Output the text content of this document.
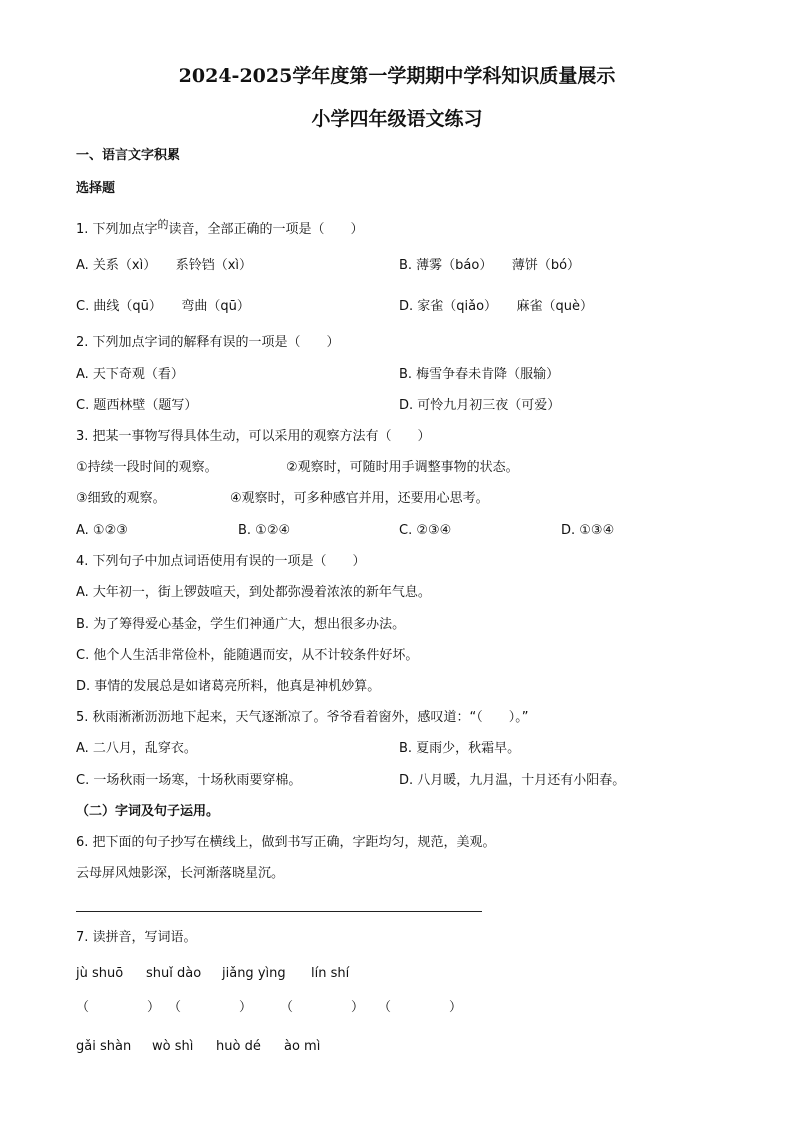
2024-2025学年度第一学期期中学科知识质量展示
小学四年级语文练习
一、语言文字积累
选择题
1. 下列加点字$^的$读音，全部正确的一项是（　　）
A. 关系（xì）　　系铃铛（xì）	B. 薄雾（báo）　　薄饼（bó）
C. 曲线（qū）　　弯曲（qū）	D. 家雀（qiǎo）　　麻雀（què）
2. 下列加点字词的解释有误的一项是（　　）
A. 天下奇观（看）	B. 梅雪争春未肯降（服输）
C. 题西林壁（题写）	D. 可怜九月初三夜（可爱）
3. 把某一事物写得具体生动，可以采用的观察方法有（　　）
①持续一段时间的观察。	②观察时，可随时用手调整事物的状态。
③细致的观察。	④观察时，可多种感官并用，还要用心思考。
A. ①②③	B. ①②④	C. ②③④	D. ①③④
4. 下列句子中加点词语使用有误的一项是（　　）
A. 大年初一，街上锣鼓喧天，到处都弥漫着浓浓的新年气息。
B. 为了筹得爱心基金，学生们神通广大，想出很多办法。
C. 他个人生活非常俭朴，能随遇而安，从不计较条件好坏。
D. 事情的发展总是如诸葛亮所料，他真是神机妙算。
5. 秋雨淅淅沥沥地下起来，天气逐渐凉了。爷爷看着窗外，感叹道：“（　　）。”
A. 二八月，乱穿衣。	B. 夏雨少，秋霜早。
C. 一场秋雨一场寒，十场秋雨要穿棉。	D. 八月暖，九月温，十月还有小阳春。
（二）字词及句子运用。
6. 把下面的句子抄写在横线上，做到书写正确，字距均匀，规范，美观。
云母屏风烛影深，长河渐落晓星沉。
7. 读拼音，写词语。
jù shuō shuǐ dào jiǎng yìng lín shí
（	） （	） （	） （	）
gǎi shàn wò shì huò dé ào mì
